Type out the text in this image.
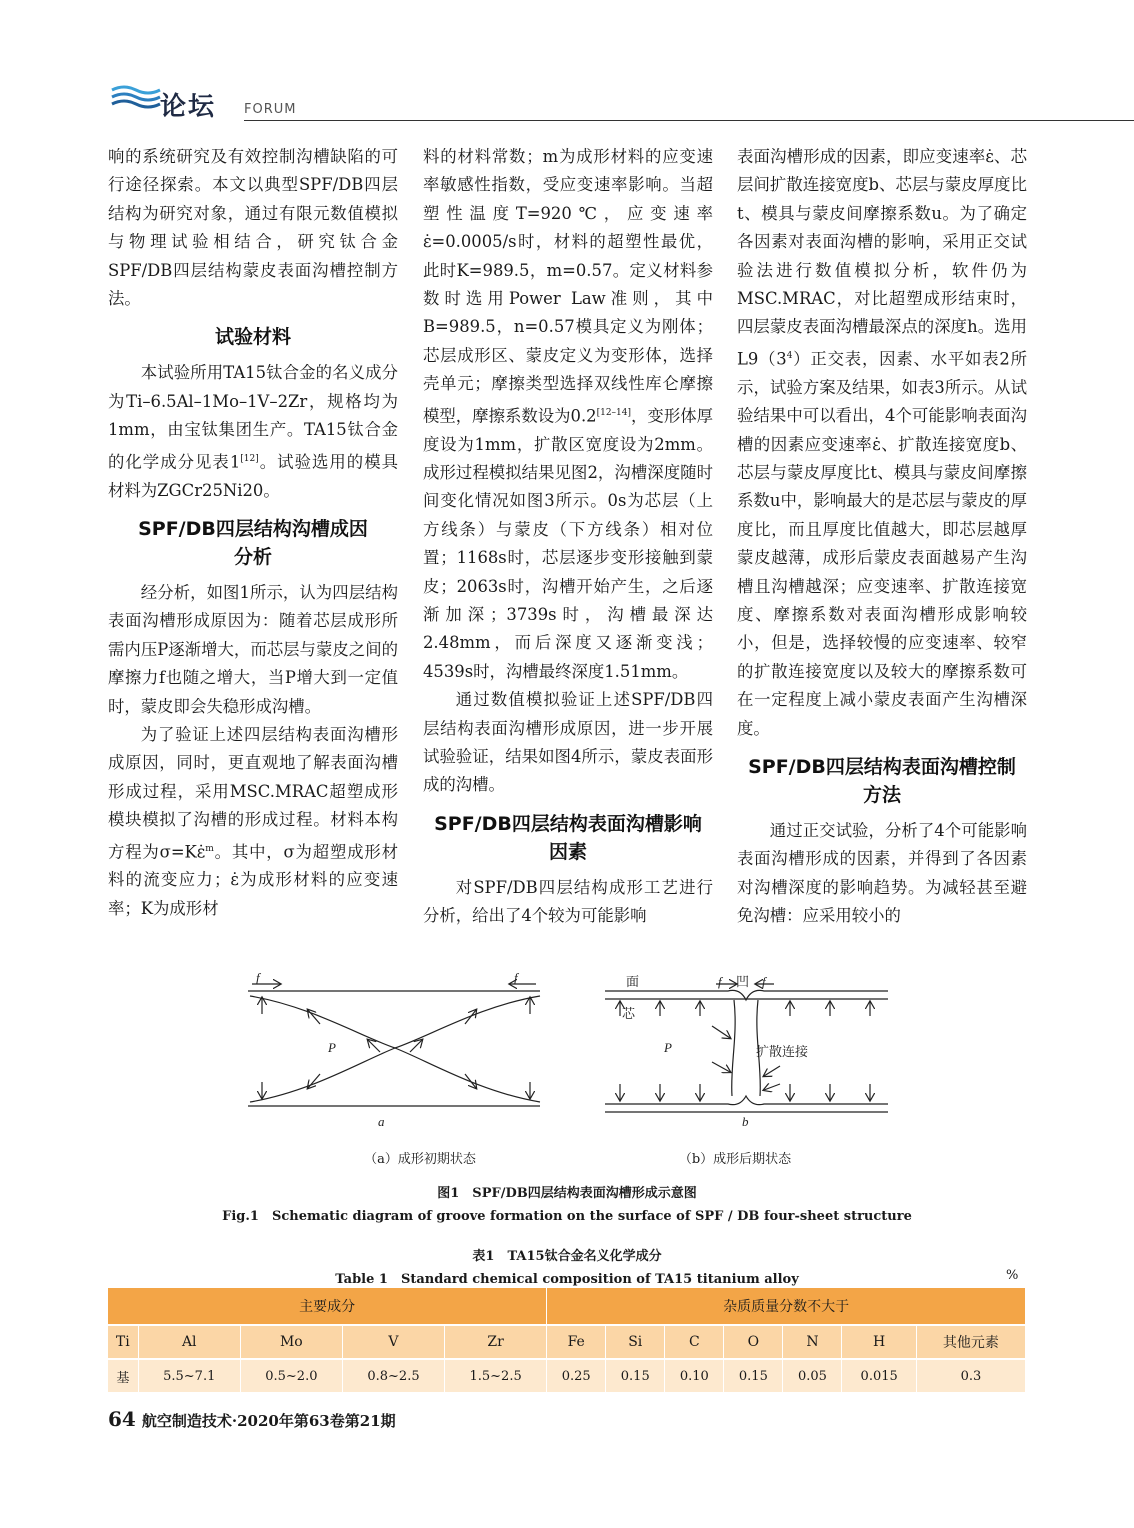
论坛 FORUM

响的系统研究及有效控制沟槽缺陷的可行途径探索。本文以典型SPF/DB四层结构为研究对象，通过有限元数值模拟与物理试验相结合，研究钛合金SPF/DB四层结构蒙皮表面沟槽控制方法。

试验材料

本试验所用TA15钛合金的名义成分为Ti–6.5Al–1Mo–1V–2Zr，规格均为1mm，由宝钛集团生产。TA15钛合金的化学成分见表1[12]。试验选用的模具材料为ZGCr25Ni20。

SPF/DB四层结构沟槽成因分析

经分析，如图1所示，认为四层结构表面沟槽形成原因为：随着芯层成形所需内压P逐渐增大，而芯层与蒙皮之间的摩擦力f也随之增大，当P增大到一定值时，蒙皮即会失稳形成沟槽。

为了验证上述四层结构表面沟槽形成原因，同时，更直观地了解表面沟槽形成过程，采用MSC.MRAC超塑成形模块模拟了沟槽的形成过程。材料本构方程为σ=Kε̇$^m$。其中，σ为超塑成形材料的流变应力；ε̇为成形材料的应变速率；K为成形材

料的材料常数；m为成形材料的应变速率敏感性指数，受应变速率影响。当超塑性温度T=920℃，应变速率ε̇=0.0005/s时，材料的超塑性最优，此时K=989.5，m=0.57。定义材料参数时选用Power Law准则，其中B=989.5，n=0.57模具定义为刚体；芯层成形区、蒙皮定义为变形体，选择壳单元；摩擦类型选择双线性库仑摩擦模型，摩擦系数设为0.2[12–14]，变形体厚度设为1mm，扩散区宽度设为2mm。成形过程模拟结果见图2，沟槽深度随时间变化情况如图3所示。0s为芯层（上方线条）与蒙皮（下方线条）相对位置；1168s时，芯层逐步变形接触到蒙皮；2063s时，沟槽开始产生，之后逐渐加深；3739s时，沟槽最深达2.48mm，而后深度又逐渐变浅；4539s时，沟槽最终深度1.51mm。

通过数值模拟验证上述SPF/DB四层结构表面沟槽形成原因，进一步开展试验验证，结果如图4所示，蒙皮表面形成的沟槽。

SPF/DB四层结构表面沟槽影响因素

对SPF/DB四层结构成形工艺进行分析，给出了4个较为可能影响

表面沟槽形成的因素，即应变速率ε̇、芯层间扩散连接宽度b、芯层与蒙皮厚度比t、模具与蒙皮间摩擦系数u。为了确定各因素对表面沟槽的影响，采用正交试验法进行数值模拟分析，软件仍为MSC.MRAC，对比超塑成形结束时，四层蒙皮表面沟槽最深点的深度h。选用$L9(3^4)$正交表，因素、水平如表2所示，试验方案及结果，如表3所示。从试验结果中可以看出，4个可能影响表面沟槽的因素应变速率ε̇、扩散连接宽度b、芯层与蒙皮厚度比t、模具与蒙皮间摩擦系数u中，影响最大的是芯层与蒙皮的厚度比，而且厚度比值越大，即芯层越厚蒙皮越薄，成形后蒙皮表面越易产生沟槽且沟槽越深；应变速率、扩散连接宽度、摩擦系数对表面沟槽形成影响较小，但是，选择较慢的应变速率、较窄的扩散连接宽度以及较大的摩擦系数可在一定程度上减小蒙皮表面产生沟槽深度。

SPF/DB四层结构表面沟槽控制方法

通过正交试验，分析了4个可能影响表面沟槽形成的因素，并得到了各因素对沟槽深度的影响趋势。为减轻甚至避免沟槽：应采用较小的

f	f
P
a
面
芯
f 凹 f
P	扩散连接
b
（a）成形初期状态	（b）成形后期状态
图1　SPF/DB四层结构表面沟槽形成示意图
Fig.1　Schematic diagram of groove formation on the surface of SPF / DB four-sheet structure
表1　TA15钛合金名义化学成分
Table 1　Standard chemical composition of TA15 titanium alloy	%
主要成分					杂质质量分数不大于						
Ti	Al	Mo	V	Zr	Fe	Si	C	O	N	H	其他元素
基	5.5~7.1	0.5~2.0	0.8~2.5	1.5~2.5	0.25	0.15	0.10	0.15	0.05	0.015	0.3
64 航空制造技术·2020年第63卷第21期
